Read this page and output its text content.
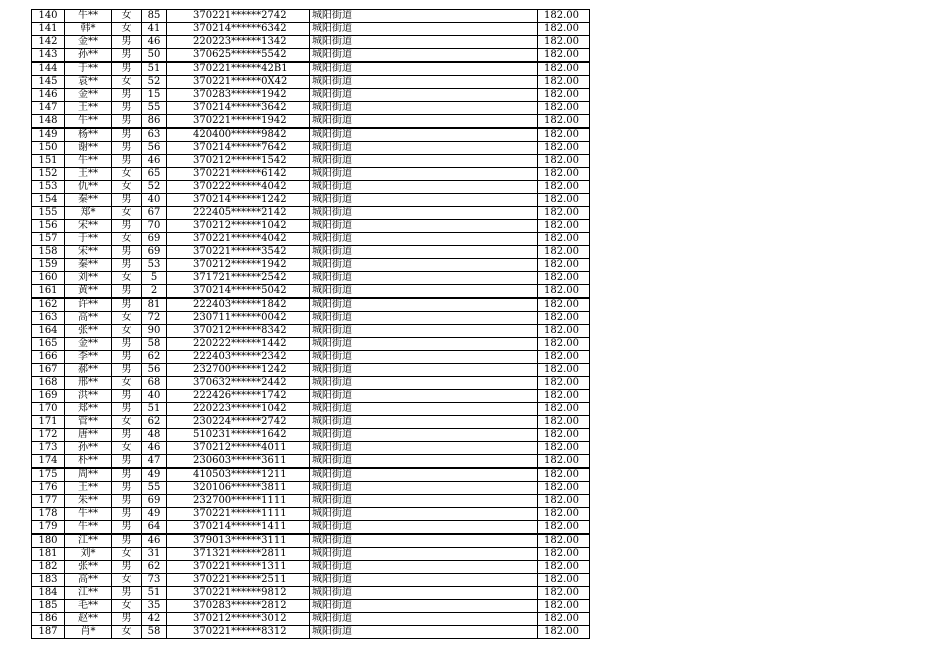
140	牛**	女	85	370221******2742	城阳街道	182.00
141	韩*	女	41	370214******6342	城阳街道	182.00
142	金**	男	46	220223******1342	城阳街道	182.00
143	孙**	男	50	370625******5542	城阳街道	182.00
144	于**	男	51	370221******42B1	城阳街道	182.00
145	袁**	女	52	370221******0X42	城阳街道	182.00
146	金**	男	15	370283******1942	城阳街道	182.00
147	王**	男	55	370214******3642	城阳街道	182.00
148	牛**	男	86	370221******1942	城阳街道	182.00
149	杨**	男	63	420400******9842	城阳街道	182.00
150	谢**	男	56	370214******7642	城阳街道	182.00
151	牛**	男	46	370212******1542	城阳街道	182.00
152	王**	女	65	370221******6142	城阳街道	182.00
153	仇**	女	52	370222******4042	城阳街道	182.00
154	秦**	男	40	370214******1242	城阳街道	182.00
155	郑*	女	67	222405******2142	城阳街道	182.00
156	宋**	男	70	370212******1042	城阳街道	182.00
157	于**	女	69	370221******4042	城阳街道	182.00
158	宋**	男	69	370221******3542	城阳街道	182.00
159	秦**	男	53	370212******1942	城阳街道	182.00
160	刘**	女	5	371721******2542	城阳街道	182.00
161	黄**	男	2	370214******5042	城阳街道	182.00
162	许**	男	81	222403******1842	城阳街道	182.00
163	高**	女	72	230711******0042	城阳街道	182.00
164	张**	女	90	370212******8342	城阳街道	182.00
165	金**	男	58	220222******1442	城阳街道	182.00
166	李**	男	62	222403******2342	城阳街道	182.00
167	郝**	男	56	232700******1242	城阳街道	182.00
168	邢**	女	68	370632******2442	城阳街道	182.00
169	洪**	男	40	222426******1742	城阳街道	182.00
170	郑**	男	51	220223******1042	城阳街道	182.00
171	管**	女	62	230224******2742	城阳街道	182.00
172	唐**	男	48	510231******1642	城阳街道	182.00
173	孙**	女	46	370212******4011	城阳街道	182.00
174	朴**	男	47	230603******3611	城阳街道	182.00
175	周**	男	49	410503******1211	城阳街道	182.00
176	王**	男	55	320106******3811	城阳街道	182.00
177	朱**	男	69	232700******1111	城阳街道	182.00
178	牛**	男	49	370221******1111	城阳街道	182.00
179	牛**	男	64	370214******1411	城阳街道	182.00
180	江**	男	46	379013******3111	城阳街道	182.00
181	刘*	女	31	371321******2811	城阳街道	182.00
182	张**	男	62	370221******1311	城阳街道	182.00
183	高**	女	73	370221******2511	城阳街道	182.00
184	江**	男	51	370221******9812	城阳街道	182.00
185	毛**	女	35	370283******2812	城阳街道	182.00
186	赵**	男	42	370212******3012	城阳街道	182.00
187	肖*	女	58	370221******8312	城阳街道	182.00
